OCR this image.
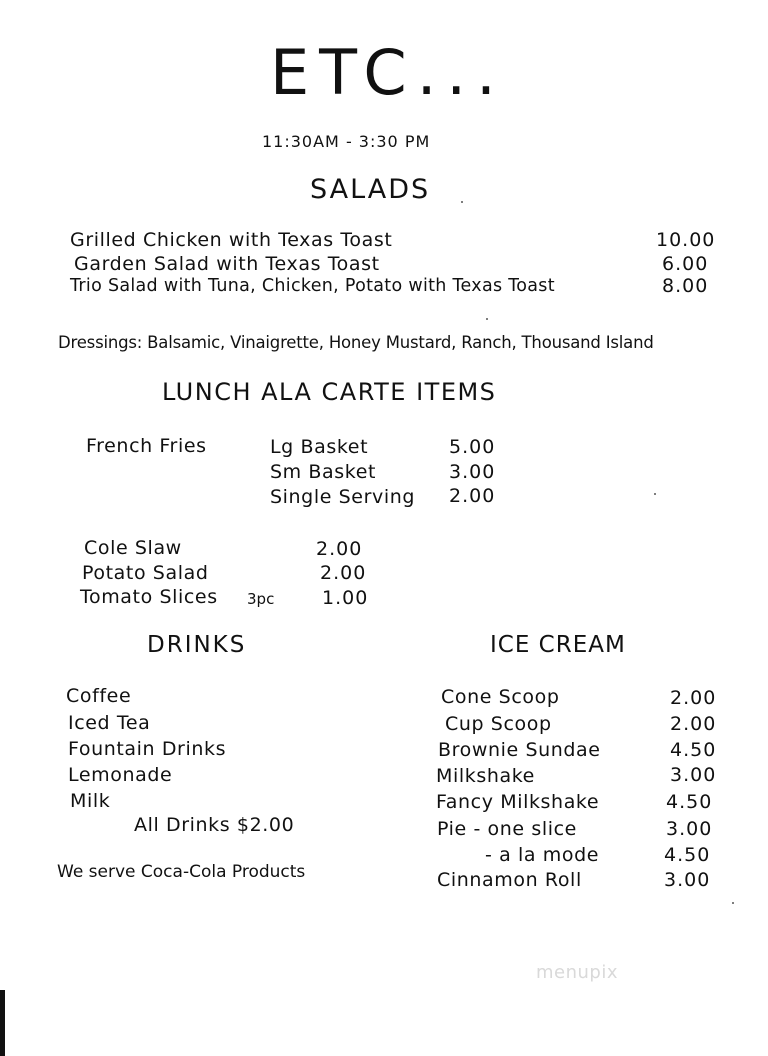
ETC...
11:30AM - 3:30 PM
SALADS
Grilled Chicken with Texas Toast	10.00
Garden Salad with Texas Toast	6.00
Trio Salad with Tuna, Chicken, Potato with Texas Toast	8.00
Dressings: Balsamic, Vinaigrette, Honey Mustard, Ranch, Thousand Island
LUNCH ALA CARTE ITEMS
French Fries	Lg Basket	5.00
Sm Basket	3.00
Single Serving 2.00
Cole Slaw	2.00
Potato Salad	2.00
Tomato Slices 3pc	1.00
DRINKS
Coffee
Iced Tea
Fountain Drinks
Lemonade
Milk
All Drinks $2.00
We serve Coca-Cola Products
ICE CREAM
Cone Scoop	2.00
Cup Scoop	2.00
Brownie Sundae	4.50
Milkshake	3.00
Fancy Milkshake	4.50
Pie - one slice	3.00
- a la mode	4.50
Cinnamon Roll	3.00
menupix
